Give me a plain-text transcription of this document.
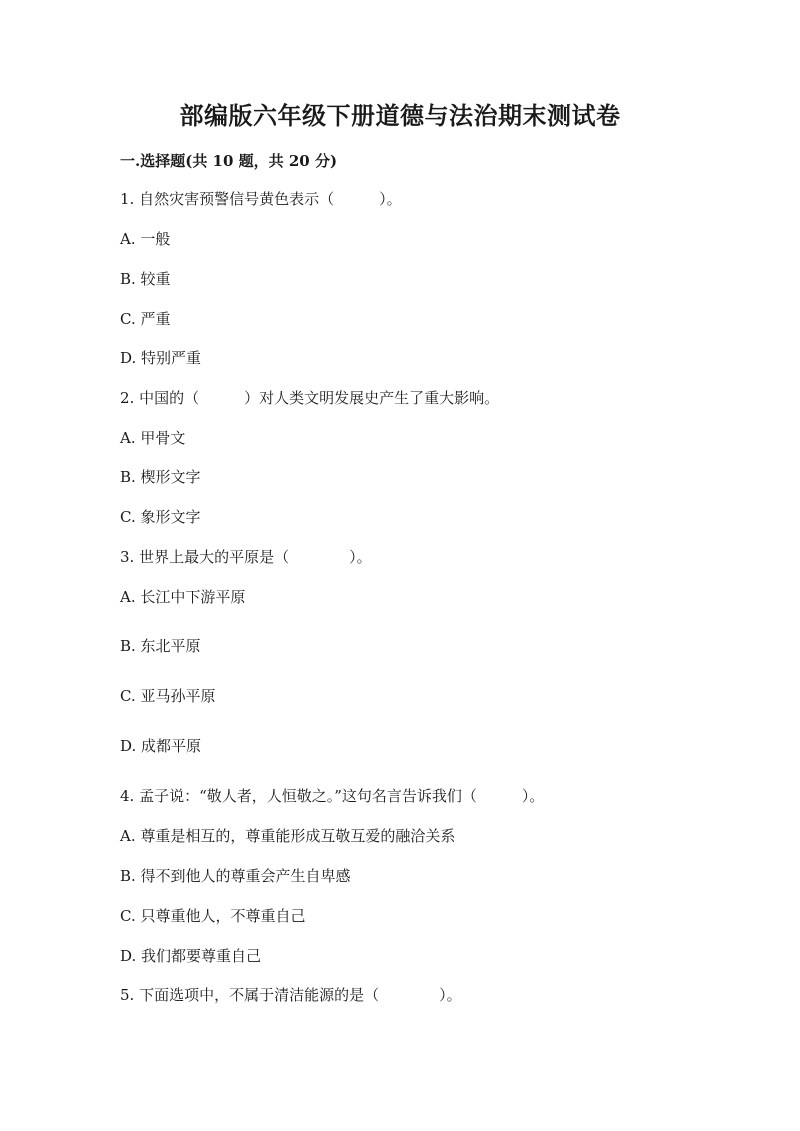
部编版六年级下册道德与法治期末测试卷
一.选择题(共 10 题，共 20 分)
1. 自然灾害预警信号黄色表示（　　　）。
A. 一般
B. 较重
C. 严重
D. 特别严重
2. 中国的（　　　）对人类文明发展史产生了重大影响。
A. 甲骨文
B. 楔形文字
C. 象形文字
3. 世界上最大的平原是（　　　　）。
A. 长江中下游平原
B. 东北平原
C. 亚马孙平原
D. 成都平原
4. 孟子说：“敬人者，人恒敬之。”这句名言告诉我们（　　　）。
A. 尊重是相互的，尊重能形成互敬互爱的融洽关系
B. 得不到他人的尊重会产生自卑感
C. 只尊重他人，不尊重自己
D. 我们都要尊重自己
5. 下面选项中，不属于清洁能源的是（　　　　）。
